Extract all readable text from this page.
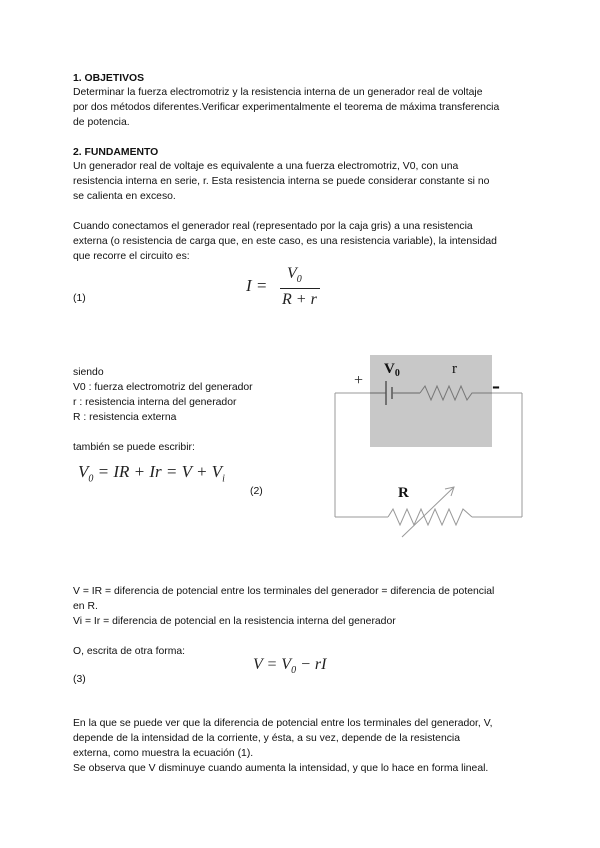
1. OBJETIVOS
Determinar la fuerza electromotriz y la resistencia interna de un generador real de voltaje
por dos métodos diferentes.Verificar experimentalmente el teorema de máxima transferencia
de potencia.
2. FUNDAMENTO
Un generador real de voltaje es equivalente a una fuerza electromotriz, V0, con una
resistencia interna en serie, r. Esta resistencia interna se puede considerar constante si no
se calienta en exceso.
Cuando conectamos el generador real (representado por la caja gris) a una resistencia
externa (o resistencia de carga que, en este caso, es una resistencia variable), la intensidad
que recorre el circuito es:
(1)
I =
$V_0$
R + r
siendo
V0 : fuerza electromotriz del generador
r : resistencia interna del generador
R : resistencia externa
también se puede escribir:
$V_0$ = IR + $Ir = V + V_i$
(2)
+	-
$V_0$	r
R
V = IR = diferencia de potencial entre los terminales del generador = diferencia de potencial
en R.
Vi = Ir = diferencia de potencial en la resistencia interna del generador
O, escrita de otra forma:
$V = V_0$ − rI
(3)
En la que se puede ver que la diferencia de potencial entre los terminales del generador, V,
depende de la intensidad de la corriente, y ésta, a su vez, depende de la resistencia
externa, como muestra la ecuación (1).
Se observa que V disminuye cuando aumenta la intensidad, y que lo hace en forma lineal.
